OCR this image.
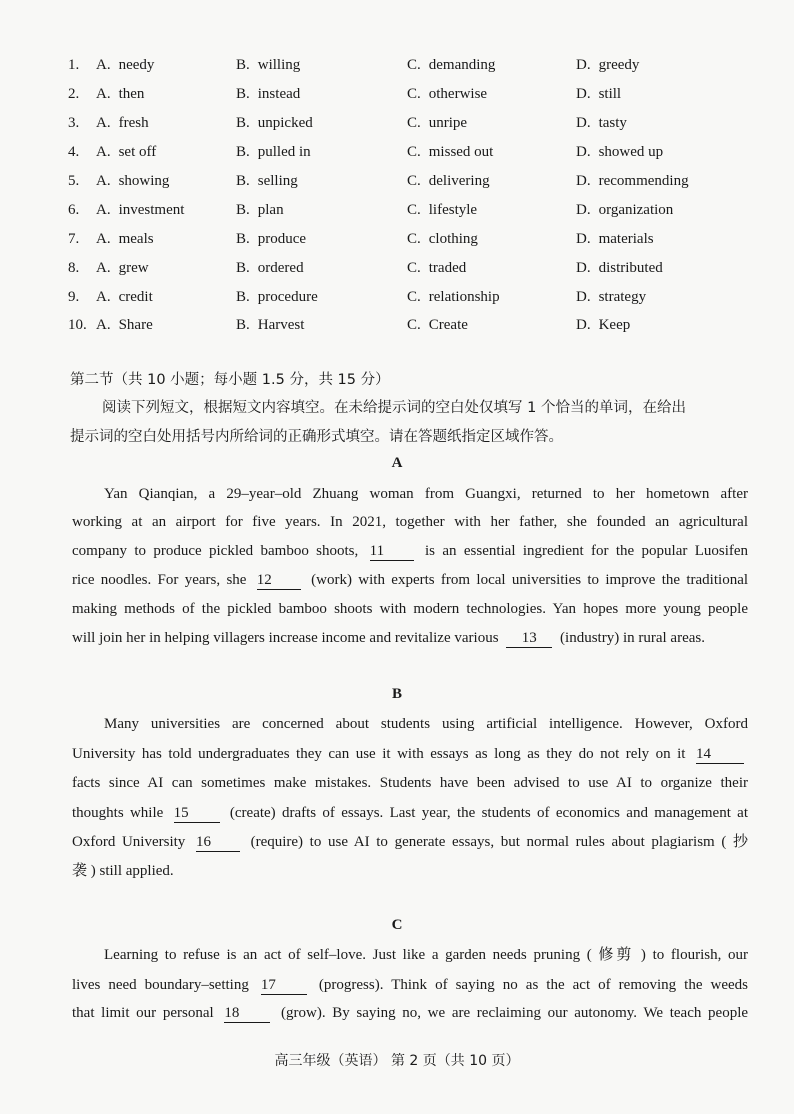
1.	A. needy	B. willing	C. demanding	D. greedy
2.	A. then	B. instead	C. otherwise	D. still
3.	A. fresh	B. unpicked	C. unripe	D. tasty
4.	A. set off	B. pulled in	C. missed out	D. showed up
5.	A. showing	B. selling	C. delivering	D. recommending
6.	A. investment	B. plan	C. lifestyle	D. organization
7.	A. meals	B. produce	C. clothing	D. materials
8.	A. grew	B. ordered	C. traded	D. distributed
9.	A. credit	B. procedure	C. relationship	D. strategy
10. A. Share	B. Harvest	C. Create	D. Keep
第二节（共 10 小题；每小题 1.5 分，共 15 分）
阅读下列短文，根据短文内容填空。在未给提示词的空白处仅填写 1 个恰当的单词，在给出
提示词的空白处用括号内所给词的正确形式填空。请在答题纸指定区域作答。
A
Yan Qianqian, a 29–year–old Zhuang woman from Guangxi, returned to her hometown after
working at an airport for five years. In 2021, together with her father, she founded an agricultural
company to produce pickled bamboo shoots, 11	is an essential ingredient for the popular Luosifen
rice noodles. For years, she 12	(work) with experts from local universities to improve the traditional
making methods of the pickled bamboo shoots with modern technologies. Yan hopes more young people
will join her in helping villagers increase income and revitalize various 13 (industry) in rural areas.
B
Many universities are concerned about students using artificial intelligence. However, Oxford
University has told undergraduates they can use it with essays as long as they do not rely on it 14
facts since AI can sometimes make mistakes. Students have been advised to use AI to organize their
thoughts while 15	(create) drafts of essays. Last year, the students of economics and management at
Oxford University 16	(require) to use AI to generate essays, but normal rules about plagiarism ( 抄
袭 ) still applied.
C
Learning to refuse is an act of self–love. Just like a garden needs pruning ( 修剪 ) to flourish, our
lives need boundary–setting 17	(progress). Think of saying no as the act of removing the weeds
that limit our personal 18	(grow). By saying no, we are reclaiming our autonomy. We teach people
高三年级（英语） 第 2 页（共 10 页）
